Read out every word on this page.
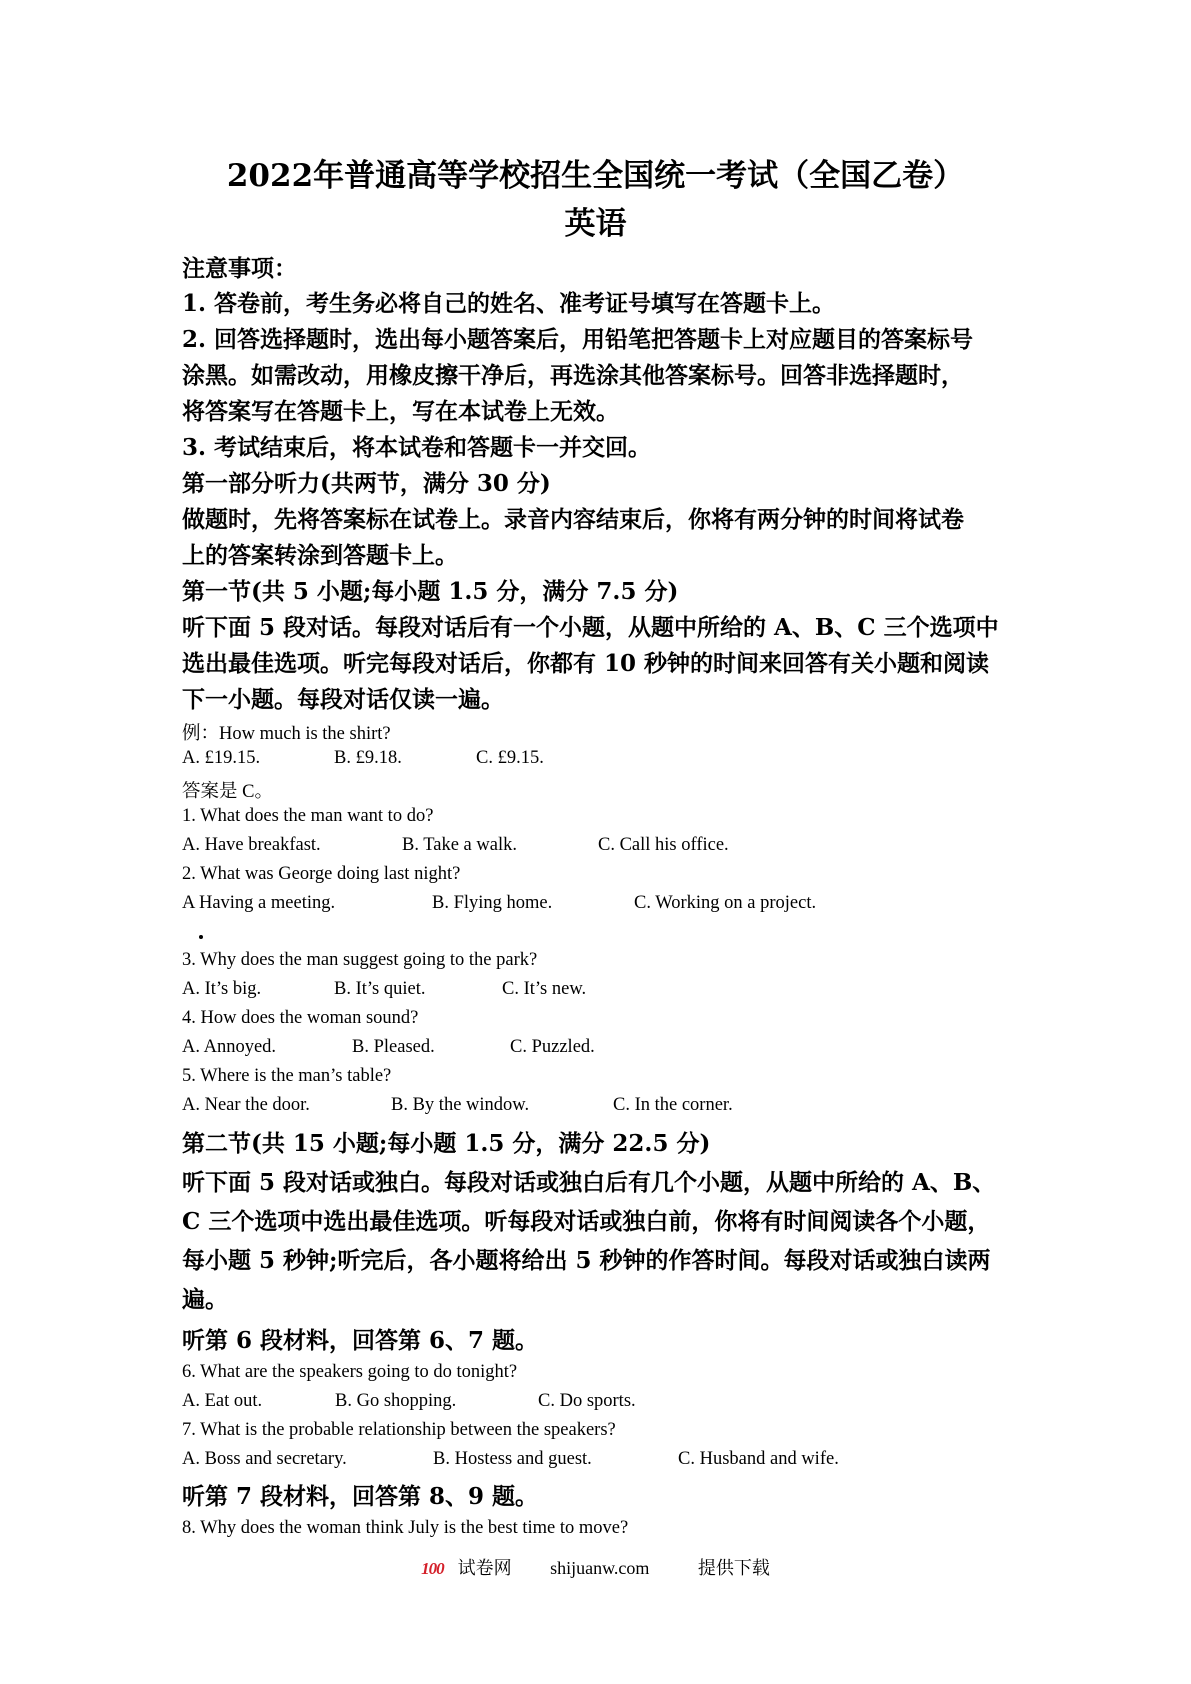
2022年普通高等学校招生全国统一考试（全国乙卷）
英语
注意事项：
1. 答卷前，考生务必将自己的姓名、准考证号填写在答题卡上。
2. 回答选择题时，选出每小题答案后，用铅笔把答题卡上对应题目的答案标号
涂黑。如需改动，用橡皮擦干净后，再选涂其他答案标号。回答非选择题时，
将答案写在答题卡上，写在本试卷上无效。
3. 考试结束后，将本试卷和答题卡一并交回。
第一部分听力(共两节，满分 30 分)
做题时，先将答案标在试卷上。录音内容结束后，你将有两分钟的时间将试卷
上的答案转涂到答题卡上。
第一节(共 5 小题;每小题 1.5 分，满分 7.5 分)
听下面 5 段对话。每段对话后有一个小题，从题中所给的 A、B、C 三个选项中
选出最佳选项。听完每段对话后，你都有 10 秒钟的时间来回答有关小题和阅读
下一小题。每段对话仅读一遍。
例：How much is the shirt?
A. £19.15.	B. £9.18.	C. £9.15.
答案是 C。
1. What does the man want to do?
A. Have breakfast.	B. Take a walk.	C. Call his office.
2. What was George doing last night?
A Having a meeting.	B. Flying home.	C. Working on a project.
3. Why does the man suggest going to the park?
A. It’s big.	B. It’s quiet.	C. It’s new.
4. How does the woman sound?
A. Annoyed.	B. Pleased.	C. Puzzled.
5. Where is the man’s table?
A. Near the door.	B. By the window.	C. In the corner.
第二节(共 15 小题;每小题 1.5 分，满分 22.5 分)
听下面 5 段对话或独白。每段对话或独白后有几个小题，从题中所给的 A、B、
C 三个选项中选出最佳选项。听每段对话或独白前，你将有时间阅读各个小题，
每小题 5 秒钟;听完后，各小题将给出 5 秒钟的作答时间。每段对话或独白读两
遍。
听第 6 段材料，回答第 6、7 题。
6. What are the speakers going to do tonight?
A. Eat out.	B. Go shopping.	C. Do sports.
7. What is the probable relationship between the speakers?
A. Boss and secretary.	B. Hostess and guest.	C. Husband and wife.
听第 7 段材料，回答第 8、9 题。
8. Why does the woman think July is the best time to move?
100 试卷网 shijuanw.com	提供下载
